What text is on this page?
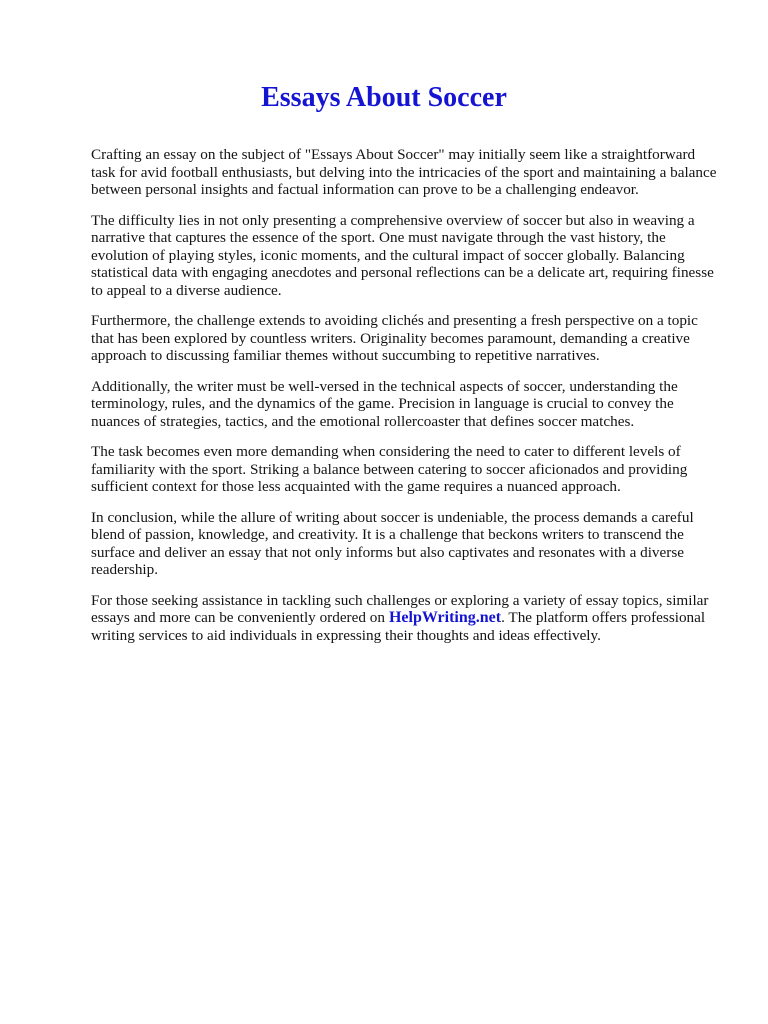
Essays About Soccer

Crafting an essay on the subject of "Essays About Soccer" may initially seem like a straightforward task for avid football enthusiasts, but delving into the intricacies of the sport and maintaining a balance between personal insights and factual information can prove to be a challenging endeavor.

The difficulty lies in not only presenting a comprehensive overview of soccer but also in weaving a narrative that captures the essence of the sport. One must navigate through the vast history, the evolution of playing styles, iconic moments, and the cultural impact of soccer globally. Balancing statistical data with engaging anecdotes and personal reflections can be a delicate art, requiring finesse to appeal to a diverse audience.

Furthermore, the challenge extends to avoiding clichés and presenting a fresh perspective on a topic that has been explored by countless writers. Originality becomes paramount, demanding a creative approach to discussing familiar themes without succumbing to repetitive narratives.

Additionally, the writer must be well-versed in the technical aspects of soccer, understanding the terminology, rules, and the dynamics of the game. Precision in language is crucial to convey the nuances of strategies, tactics, and the emotional rollercoaster that defines soccer matches.

The task becomes even more demanding when considering the need to cater to different levels of familiarity with the sport. Striking a balance between catering to soccer aficionados and providing sufficient context for those less acquainted with the game requires a nuanced approach.

In conclusion, while the allure of writing about soccer is undeniable, the process demands a careful blend of passion, knowledge, and creativity. It is a challenge that beckons writers to transcend the surface and deliver an essay that not only informs but also captivates and resonates with a diverse readership.

For those seeking assistance in tackling such challenges or exploring a variety of essay topics, similar essays and more can be conveniently ordered on HelpWriting.net. The platform offers professional writing services to aid individuals in expressing their thoughts and ideas effectively.
